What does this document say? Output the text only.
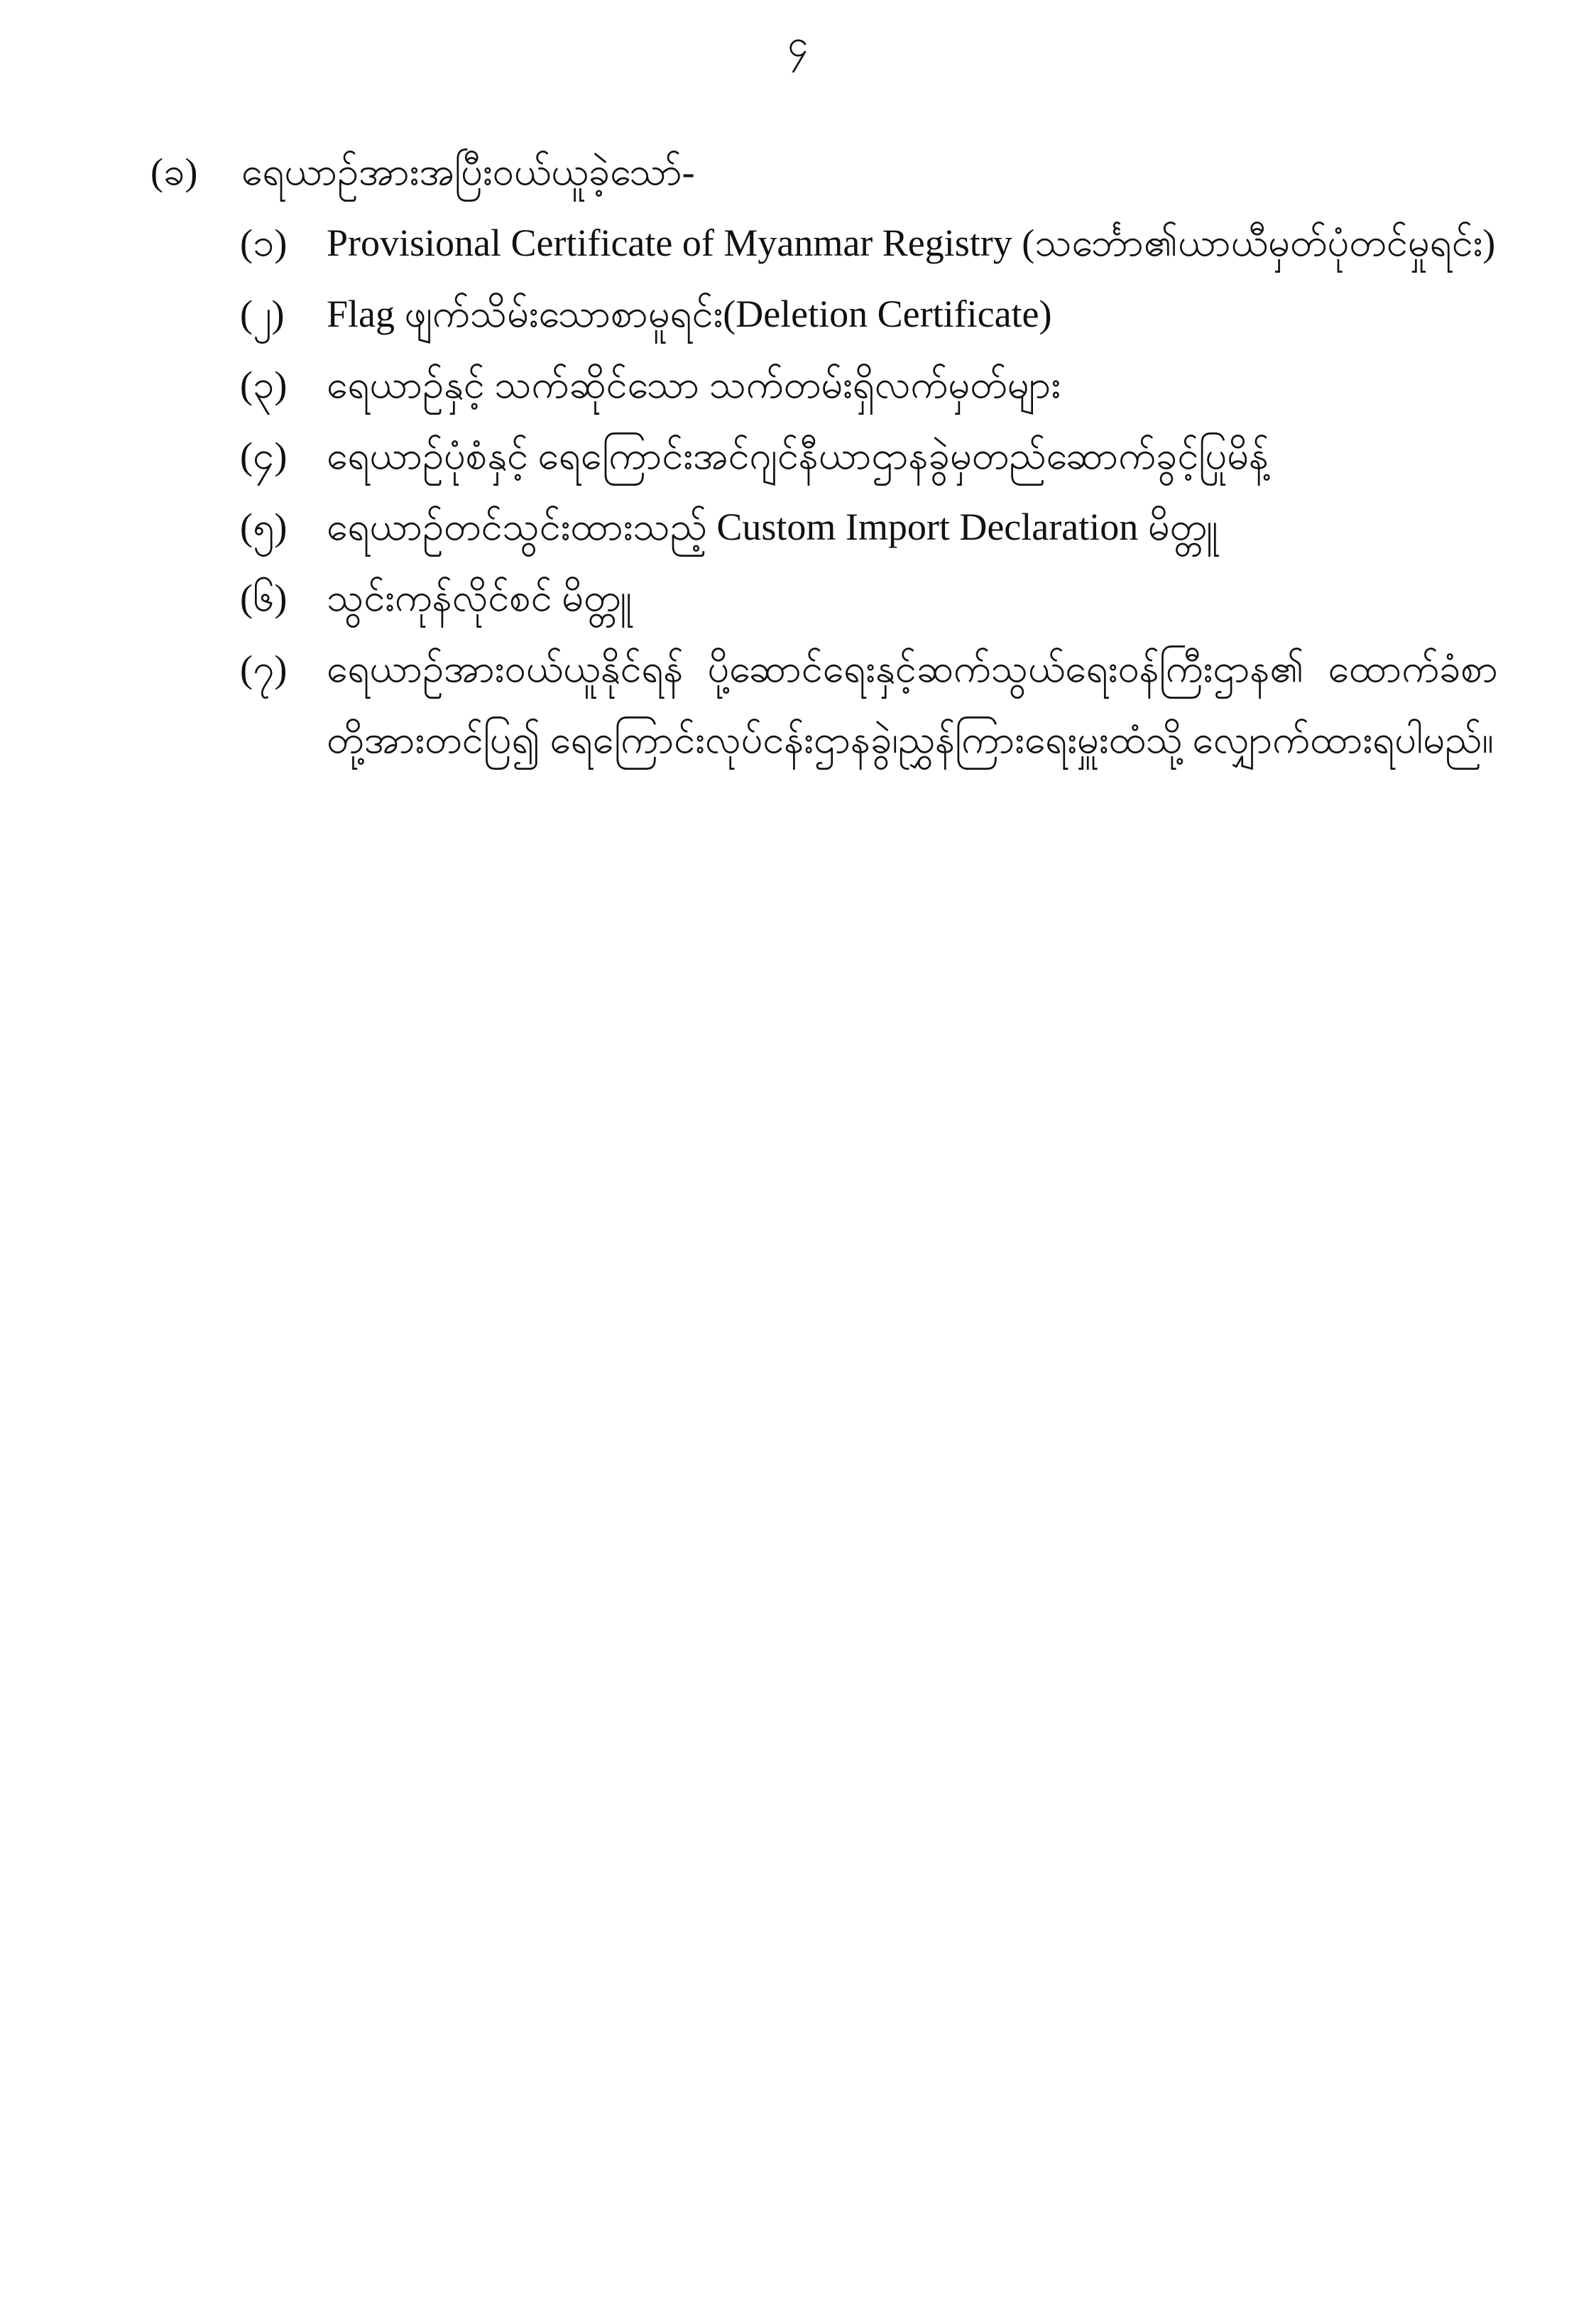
၄
(ခ)	ရေယာဉ်အားအပြီးဝယ်ယူခဲ့သော်-
(၁)	Provisional Certificate of Myanmar Registry (သင်္ဘော၏ယာယီမှတ်ပုံတင်မှုရင်း)
(၂)	Flag ဖျက်သိမ်းသောစာမူရင်း(Deletion Certificate)
(၃)	ရေယာဉ်နှင့် သက်ဆိုင်သော သက်တမ်းရှိလက်မှတ်များ
(၄)	ရေယာဉ်ပုံစံနှင့် ရေကြောင်းအင်ဂျင်နီယာဌာနခွဲမှတည်ဆောက်ခွင့်ပြုမိန့်
(၅)	ရေယာဉ်တင်သွင်းထားသည့် Custom Import Declaration မိတ္တူ
(၆)	သွင်းကုန်လိုင်စင် မိတ္တူ
(၇)	ရေယာဉ်အားဝယ်ယူနိုင်ရန် ပို့ဆောင်ရေးနှင့်ဆက်သွယ်ရေးဝန်ကြီးဌာန၏ ထောက်ခံစာတို့အားတင်ပြ၍ ရေကြောင်းလုပ်ငန်းဌာနခွဲ၊ညွှန်ကြားရေးမှူးထံသို့ လျှောက်ထားရပါမည်။
